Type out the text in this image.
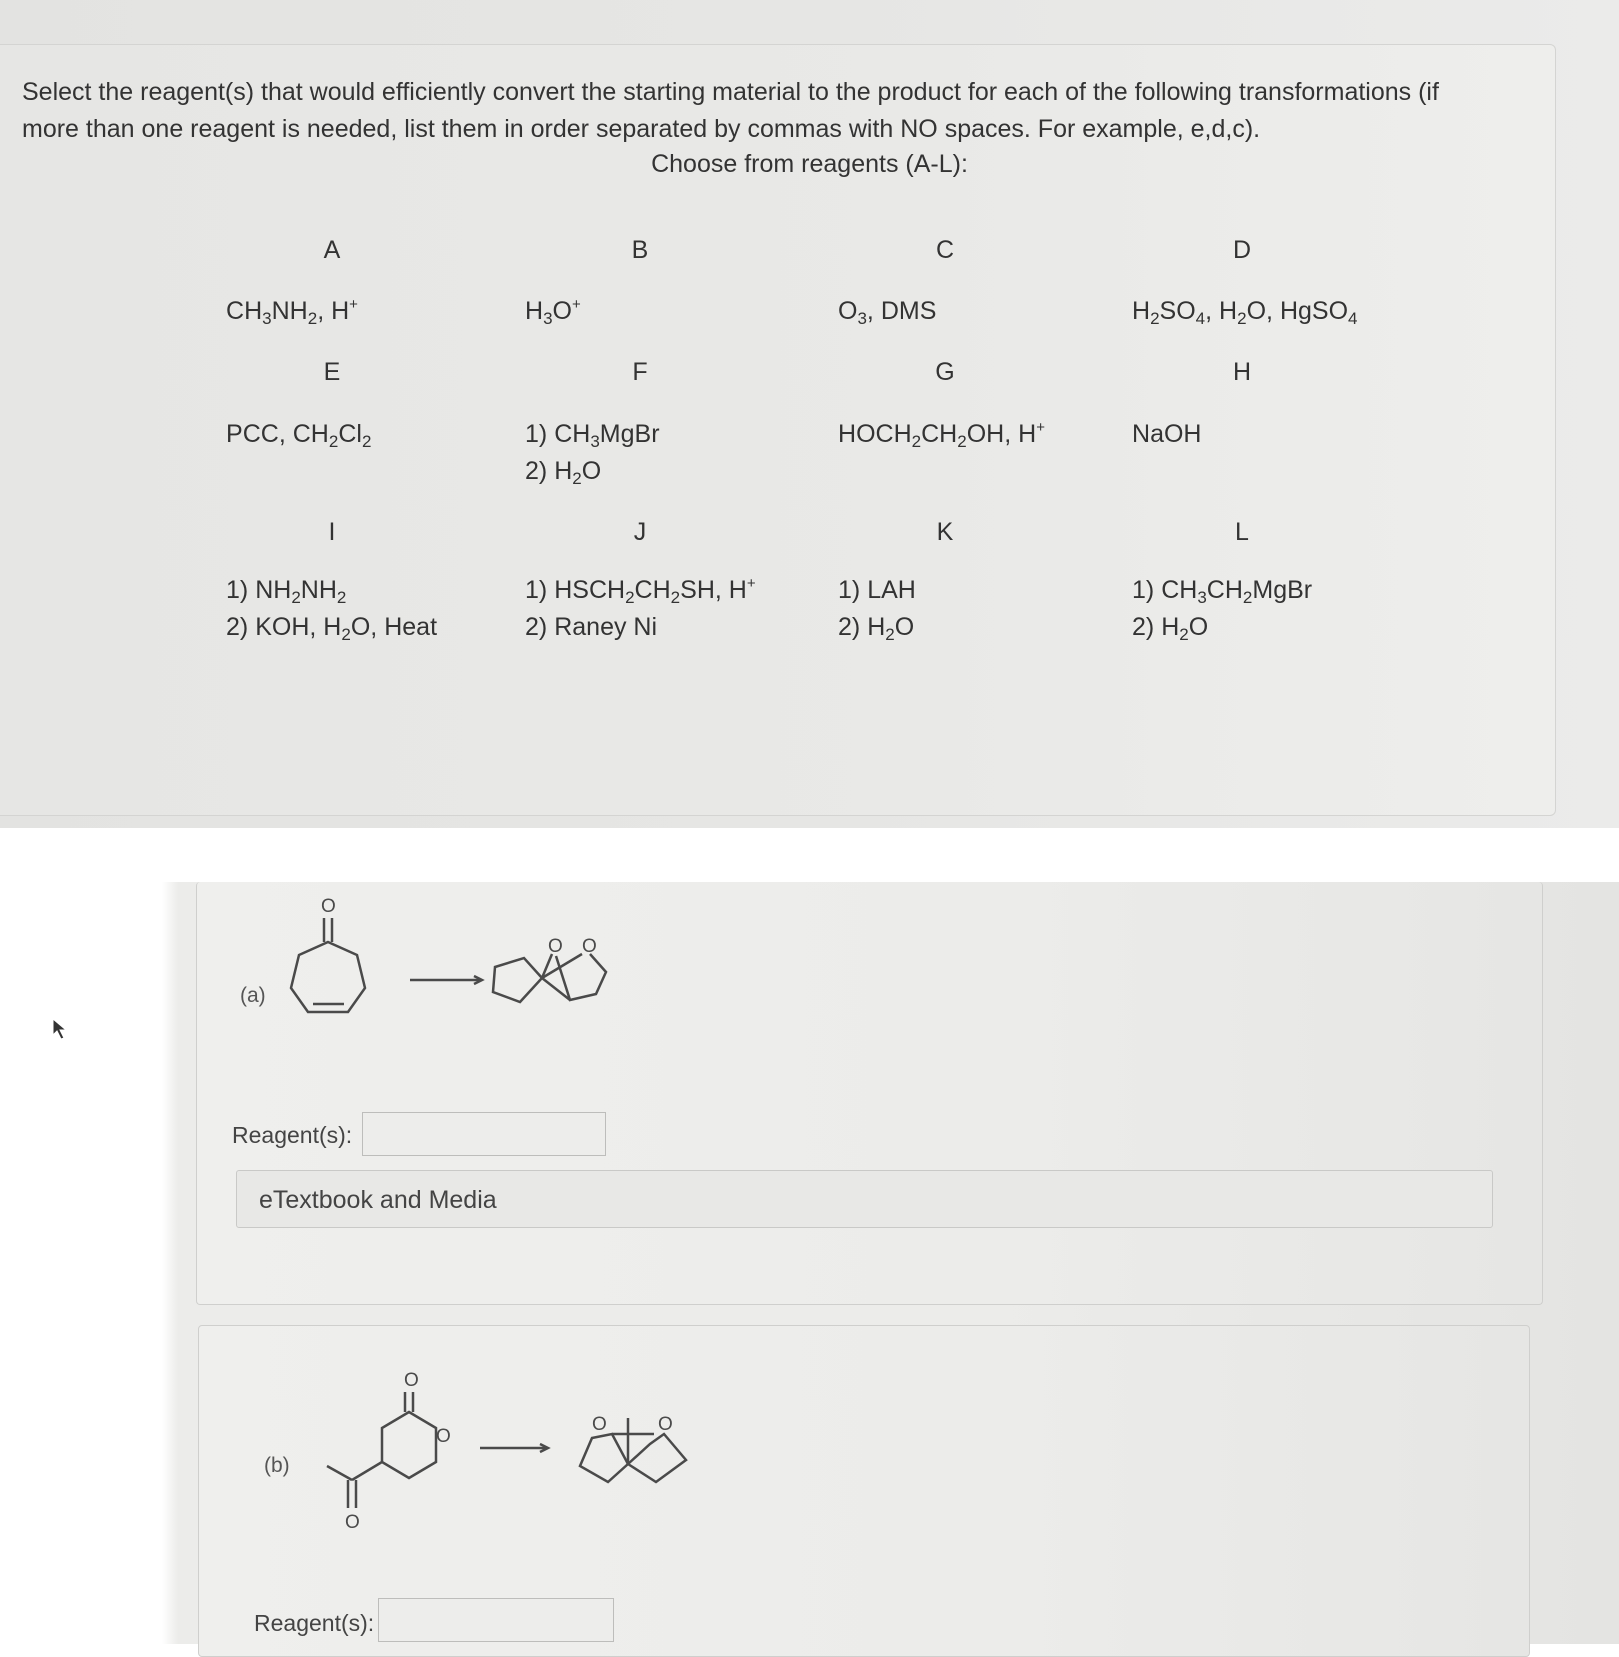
Select the reagent(s) that would efficiently convert the starting material to the product for each of the following transformations (if
more than one reagent is needed, list them in order separated by commas with NO spaces. For example, e,d,c).
Choose from reagents (A-L):
A
$CH_3NH_2$, H+
B
$H_3O^+$
C
$O_3$, DMS
D
$H_2SO_4$, $H_2O$, HgSO$_4$
E
PCC, $CH_2Cl_2$
F
1) $CH_3MgBr$
2) $H_2O$
G
$HOCH_2CH_2OH$, H+
H
NaOH
I
1) $NH_2NH_2$
2) KOH, $H_2O$, Heat
J
1) $HSCH_2CH_2SH$, H+
2) Raney Ni
K
1) LAH
2) $H_2O$
L
1) $CH_3CH_2MgBr$
2) $H_2O$
(a)
O
O O
Reagent(s):
eTextbook and Media
(b)
O
O
O
O	O
Reagent(s):
